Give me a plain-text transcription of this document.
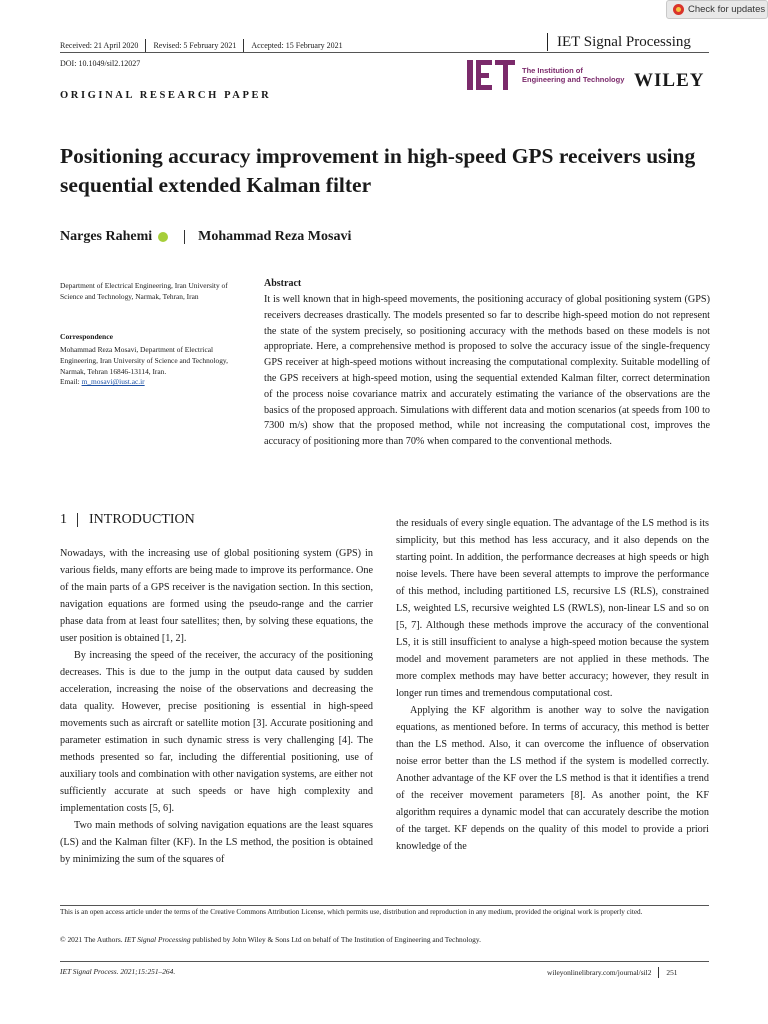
Check for updates
Received: 21 April 2020 Revised: 5 February 2021 Accepted: 15 February 2021	IET Signal Processing
DOI: 10.1049/sil2.12027
The Institution of
Engineering and Technology WILEY
ORIGINAL RESEARCH PAPER
Positioning accuracy improvement in high-speed GPS receivers using sequential extended Kalman filter
Narges Rahemi	Mohammad Reza Mosavi
Department of Electrical Engineering, Iran University of Science and Technology, Narmak, Tehran, Iran
Correspondence
Mohammad Reza Mosavi, Department of Electrical Engineering, Iran University of Science and Technology, Narmak, Tehran 16846-13114, Iran.
Email: m_mosavi@iust.ac.ir
Abstract
It is well known that in high-speed movements, the positioning accuracy of global positioning system (GPS) receivers decreases drastically. The models presented so far to describe high-speed motion do not represent the state of the system precisely, so positioning accuracy with the methods based on these models is not appropriate. Here, a comprehensive method is proposed to solve the accuracy issue of the single-frequency GPS receiver at high-speed motions without increasing the computational complexity. Suitable modelling of the GPS receivers at high-speed motion, using the sequential extended Kalman filter, correct determination of the process noise covariance matrix and accurately estimating the variance of the observations are the basics of the proposed approach. Simulations with different data and motion scenarios (at speeds from 100 to 7300 m/s) show that the proposed method, while not increasing the computational cost, improves the accuracy of positioning more than 70% when compared to the conventional methods.
1 INTRODUCTION

Nowadays, with the increasing use of global positioning system (GPS) in various fields, many efforts are being made to improve its performance. One of the main parts of a GPS receiver is the navigation section. In this section, navigation equations are formed using the pseudo-range and the carrier phase data from at least four satellites; then, by solving these equations, the user position is obtained [1, 2].

By increasing the speed of the receiver, the accuracy of the positioning decreases. This is due to the jump in the output data caused by sudden acceleration, increasing the noise of the observations and decreasing the data quality. However, precise positioning is essential in high-speed movements such as aircraft or satellite motion [3]. Accurate positioning and parameter estimation in such dynamic stress is very challenging [4]. The methods presented so far, including the differential positioning, use of auxiliary tools and combination with other navigation systems, are either not sufficiently accurate at such speeds or have high complexity and implementation costs [5, 6].

Two main methods of solving navigation equations are the least squares (LS) and the Kalman filter (KF). In the LS method, the position is obtained by minimizing the sum of the squares of

the residuals of every single equation. The advantage of the LS method is its simplicity, but this method has less accuracy, and it also depends on the starting point. In addition, the performance decreases at high speeds or high noise levels. There have been several attempts to improve the performance of this method, including partitioned LS, recursive LS (RLS), constrained LS, weighted LS, recursive weighted LS (RWLS), non-linear LS and so on [5, 7]. Although these methods improve the accuracy of the conventional LS, it is still insufficient to analyse a high-speed motion because the system model and movement parameters are not applied in these methods. The more complex methods may have better accuracy; however, they result in longer run times and tremendous computational cost.

Applying the KF algorithm is another way to solve the navigation equations, as mentioned before. In terms of accuracy, this method is better than the LS method. Also, it can overcome the influence of observation noise error better than the LS method if the system is modelled correctly. Another advantage of the KF over the LS method is that it identifies a trend of the receiver movement parameters [8]. As another point, the KF algorithm requires a dynamic model that can accurately describe the motion of the target. KF depends on the quality of this model to provide a priori knowledge of the

This is an open access article under the terms of the Creative Commons Attribution License, which permits use, distribution and reproduction in any medium, provided the original work is properly cited.
© 2021 The Authors. IET Signal Processing published by John Wiley & Sons Ltd on behalf of The Institution of Engineering and Technology.
IET Signal Process. 2021;15:251–264.	wileyonlinelibrary.com/journal/sil2 251
